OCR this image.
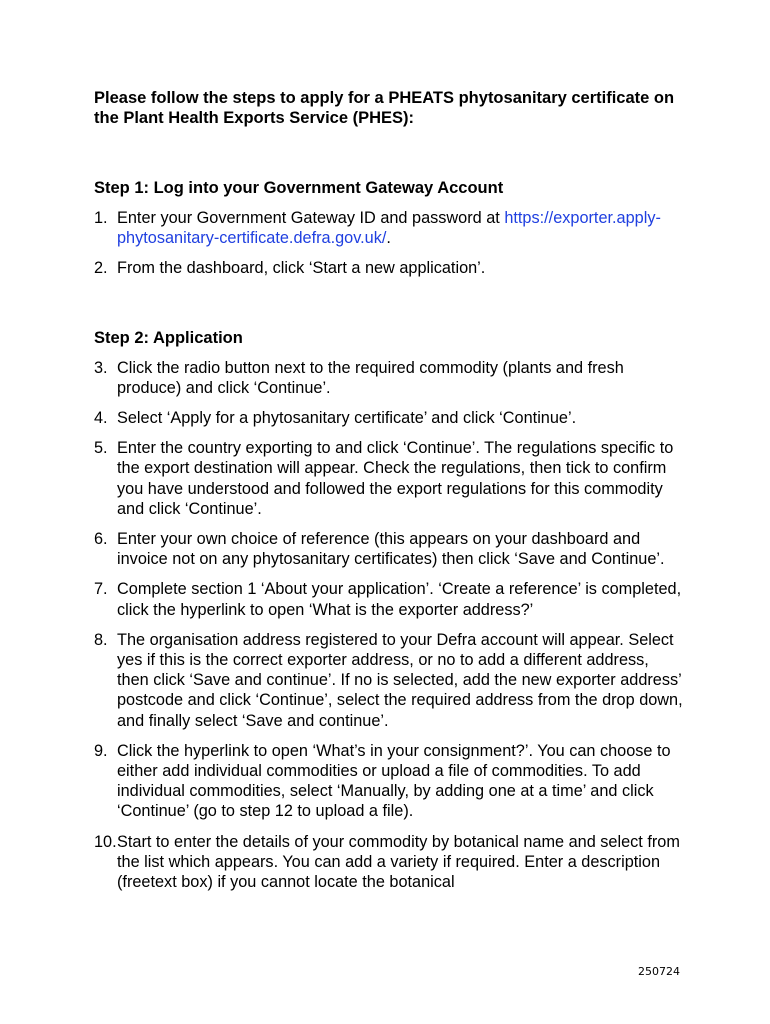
Please follow the steps to apply for a PHEATS phytosanitary certificate on the Plant Health Exports Service (PHES):

Step 1: Log into your Government Gateway Account

1. Enter your Government Gateway ID and password at https://exporter.apply-phytosanitary-certificate.defra.gov.uk/.
2. From the dashboard, click ‘Start a new application’.

Step 2: Application

3. Click the radio button next to the required commodity (plants and fresh produce) and click ‘Continue’.
4. Select ‘Apply for a phytosanitary certificate’ and click ‘Continue’.
5. Enter the country exporting to and click ‘Continue’. The regulations specific to the export destination will appear. Check the regulations, then tick to confirm you have understood and followed the export regulations for this commodity and click ‘Continue’.
6. Enter your own choice of reference (this appears on your dashboard and invoice not on any phytosanitary certificates) then click ‘Save and Continue’.
7. Complete section 1 ‘About your application’. ‘Create a reference’ is completed, click the hyperlink to open ‘What is the exporter address?’
8. The organisation address registered to your Defra account will appear. Select yes if this is the correct exporter address, or no to add a different address, then click ‘Save and continue’. If no is selected, add the new exporter address’ postcode and click ‘Continue’, select the required address from the drop down, and finally select ‘Save and continue’.
9. Click the hyperlink to open ‘What’s in your consignment?’. You can choose to either add individual commodities or upload a file of commodities. To add individual commodities, select ‘Manually, by adding one at a time’ and click ‘Continue’ (go to step 12 to upload a file).
10. Start to enter the details of your commodity by botanical name and select from the list which appears. You can add a variety if required. Enter a description (freetext box) if you cannot locate the botanical
250724
